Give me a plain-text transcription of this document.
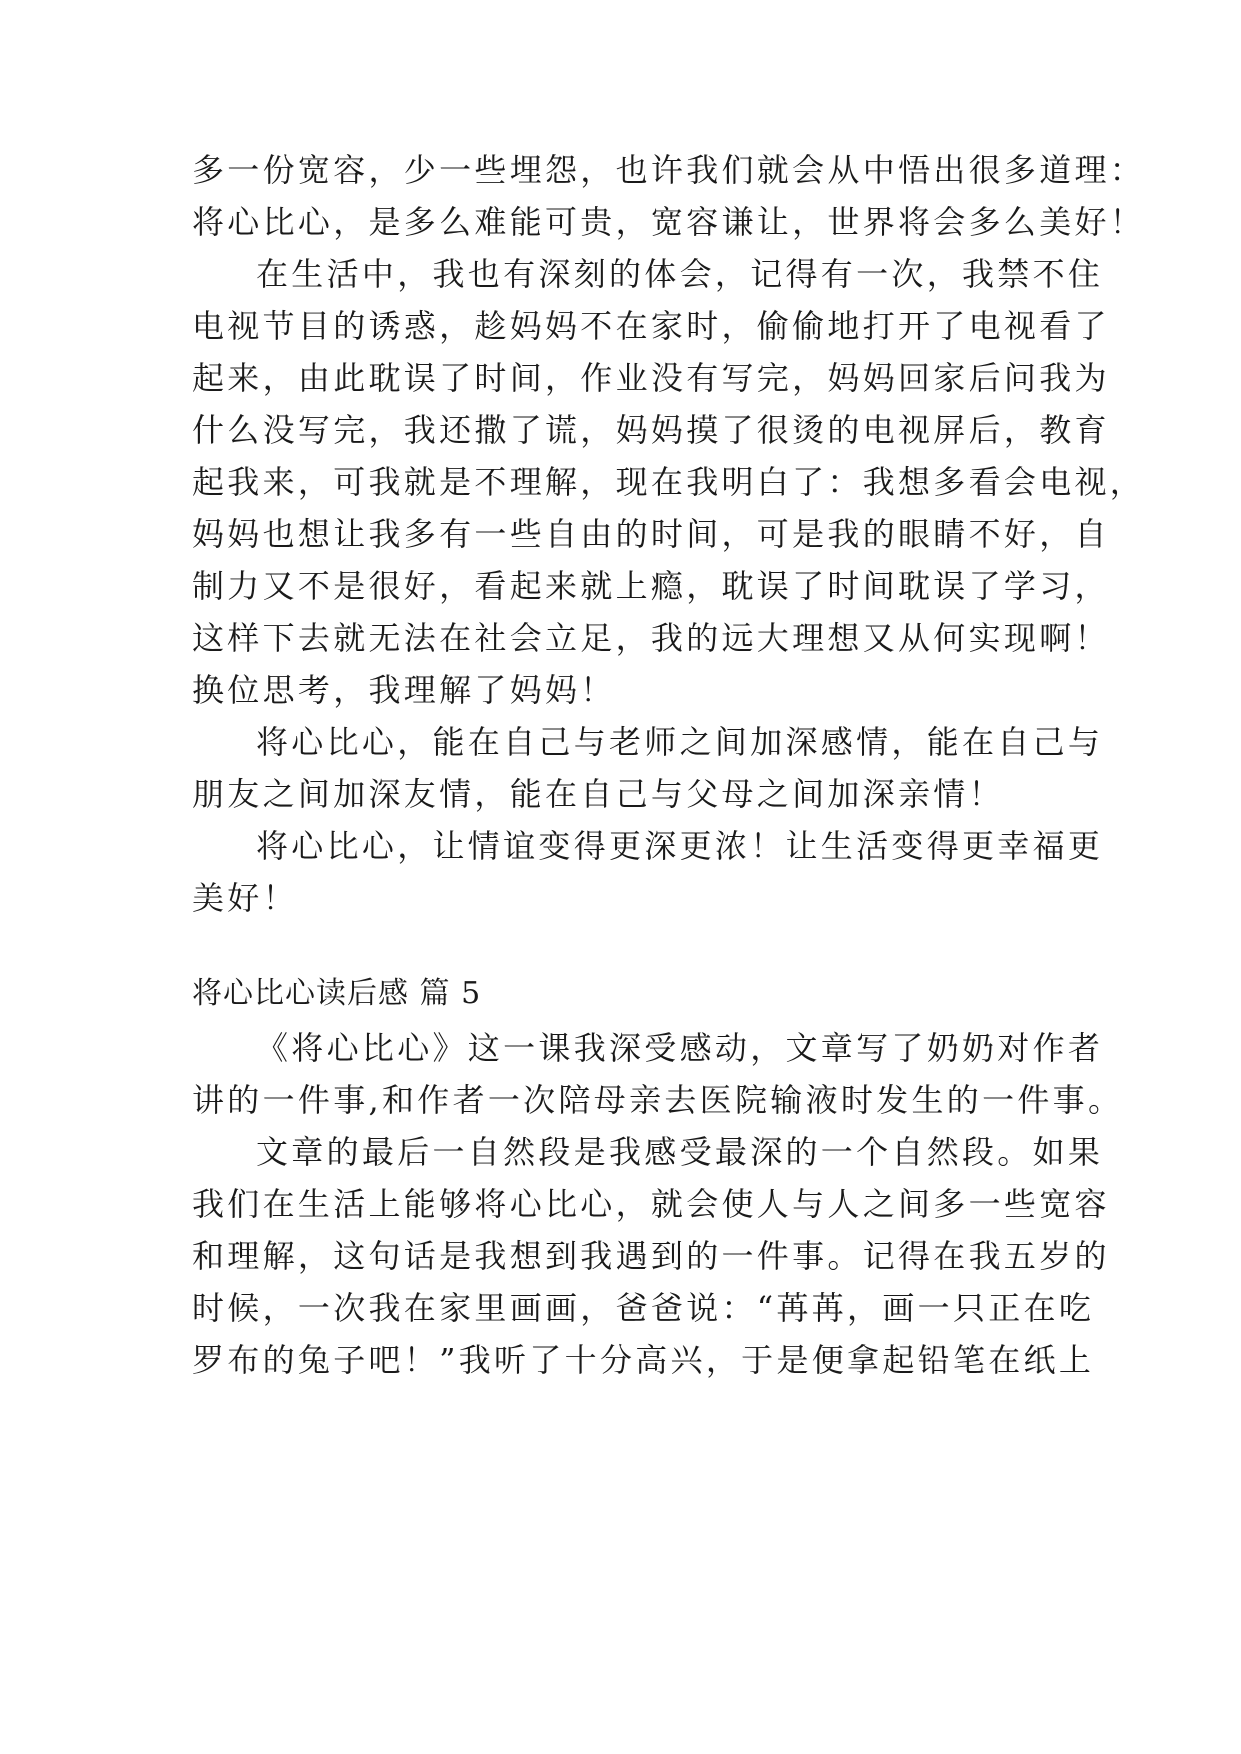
多一份宽容，少一些埋怨，也许我们就会从中悟出很多道理：
将心比心，是多么难能可贵，宽容谦让，世界将会多么美好！
在生活中，我也有深刻的体会，记得有一次，我禁不住
电视节目的诱惑，趁妈妈不在家时，偷偷地打开了电视看了
起来，由此耽误了时间，作业没有写完，妈妈回家后问我为
什么没写完，我还撒了谎，妈妈摸了很烫的电视屏后，教育
起我来，可我就是不理解，现在我明白了：我想多看会电视，
妈妈也想让我多有一些自由的时间，可是我的眼睛不好，自
制力又不是很好，看起来就上瘾，耽误了时间耽误了学习，
这样下去就无法在社会立足，我的远大理想又从何实现啊！
换位思考，我理解了妈妈！
将心比心，能在自己与老师之间加深感情，能在自己与
朋友之间加深友情，能在自己与父母之间加深亲情！
将心比心，让情谊变得更深更浓！让生活变得更幸福更
美好！
将心比心读后感 篇 5
《将心比心》这一课我深受感动，文章写了奶奶对作者
讲的一件事,和作者一次陪母亲去医院输液时发生的一件事。
文章的最后一自然段是我感受最深的一个自然段。如果
我们在生活上能够将心比心，就会使人与人之间多一些宽容
和理解，这句话是我想到我遇到的一件事。记得在我五岁的
时候，一次我在家里画画，爸爸说：“苒苒，画一只正在吃
罗布的兔子吧！”我听了十分高兴，于是便拿起铅笔在纸上
